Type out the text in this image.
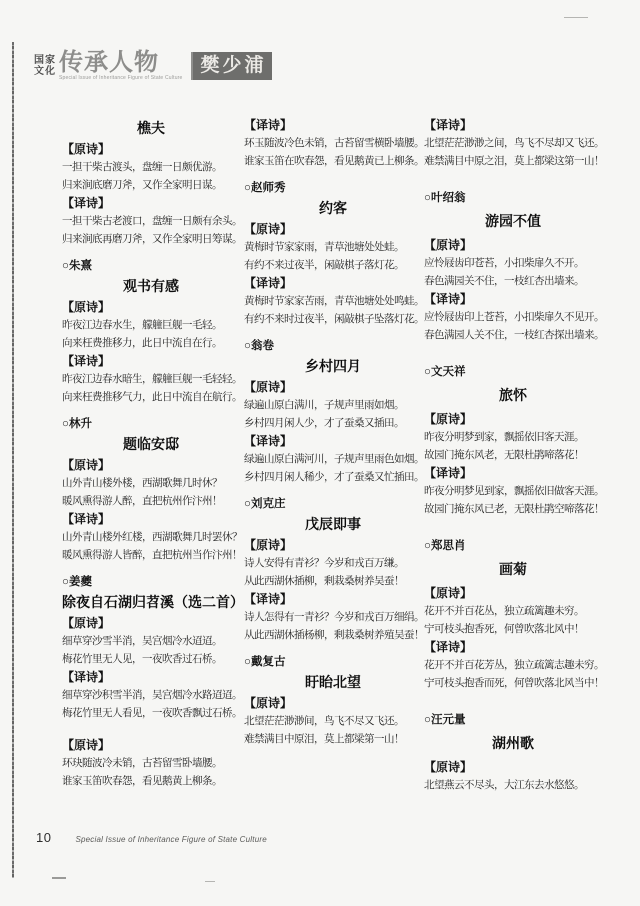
国家
文化 传承人物
Special Issue of Inheritance Figure of State Culture
樊少浦
樵夫
【原诗】
一担干柴古渡头，盘缠一日颇优游。
归来涧底磨刀斧，又作全家明日谋。
【译诗】
一担干柴古老渡口，盘缠一日颇有余头。
归来涧底再磨刀斧，又作全家明日筹谋。
○朱熹
观书有感
【原诗】
昨夜江边春水生，艨艟巨舰一毛轻。
向来枉费推移力，此日中流自在行。
【译诗】
昨夜江边春水暗生，艨艟巨舰一毛轻轻。
向来枉费推移气力，此日中流自在航行。
○林升
题临安邸
【原诗】
山外青山楼外楼，西湖歌舞几时休？
暖风熏得游人醉，直把杭州作汴州！
【译诗】
山外青山楼外红楼，西湖歌舞几时罢休？
暖风熏得游人皆醉，直把杭州当作汴州！
○姜夔
除夜自石湖归苕溪（选二首）
【原诗】
细草穿沙雪半消，吴宫烟冷水迢迢。
梅花竹里无人见，一夜吹香过石桥。
【译诗】
细草穿沙积雪半消，吴宫烟冷水路迢迢。
梅花竹里无人看见，一夜吹香飘过石桥。
【原诗】
环玦随波冷未销，古苔留雪卧墙腰。
谁家玉笛吹春怨，看见鹅黄上柳条。
【译诗】
环玉随波冷色未销，古苔留雪横卧墙腰。
谁家玉笛在吹春怨，看见鹅黄已上柳条。
○赵师秀
约客
【原诗】
黄梅时节家家雨，青草池塘处处蛙。
有约不来过夜半，闲敲棋子落灯花。
【译诗】
黄梅时节家家苦雨，青草池塘处处鸣蛙。
有约不来时过夜半，闲敲棋子坠落灯花。
○翁卷
乡村四月
【原诗】
绿遍山原白满川，子规声里雨如烟。
乡村四月闲人少，才了蚕桑又插田。
【译诗】
绿遍山原白满河川，子规声里雨色如烟。
乡村四月闲人稀少，才了蚕桑又忙插田。
○刘克庄
戊辰即事
【原诗】
诗人安得有青衫？今岁和戎百万缣。
从此西湖休插柳，剩栽桑树养吴蚕！
【译诗】
诗人怎得有一青衫？今岁和戎百万细绢。
从此西湖休插杨柳，剩栽桑树养殖吴蚕！
○戴复古
盱眙北望
【原诗】
北望茫茫渺渺间，鸟飞不尽又飞还。
难禁满目中原泪，莫上都梁第一山！
【译诗】
北望茫茫渺渺之间，鸟飞不尽却又飞还。
难禁满目中原之泪，莫上都梁这第一山！
○叶绍翁
游园不值
【原诗】
应怜屐齿印苍苔，小扣柴扉久不开。
春色满园关不住，一枝红杏出墙来。
【译诗】
应怜屐齿印上苍苔，小扣柴扉久不见开。
春色满园人关不住，一枝红杏探出墙来。
○文天祥
旅怀
【原诗】
昨夜分明梦到家，飘摇依旧客天涯。
故园门掩东风老，无限杜鹃啼落花！
【译诗】
昨夜分明梦见到家，飘摇依旧做客天涯。
故园门掩东风已老，无限杜鹃空啼落花！
○郑思肖
画菊
【原诗】
花开不并百花丛，独立疏篱趣未穷。
宁可枝头抱香死，何曾吹落北风中！
【译诗】
花开不并百花芳丛，独立疏篱志趣未穷。
宁可枝头抱香而死，何曾吹落北风当中！
○汪元量
湖州歌
【原诗】
北望燕云不尽头，大江东去水悠悠。
10	Special Issue of Inheritance Figure of State Culture
